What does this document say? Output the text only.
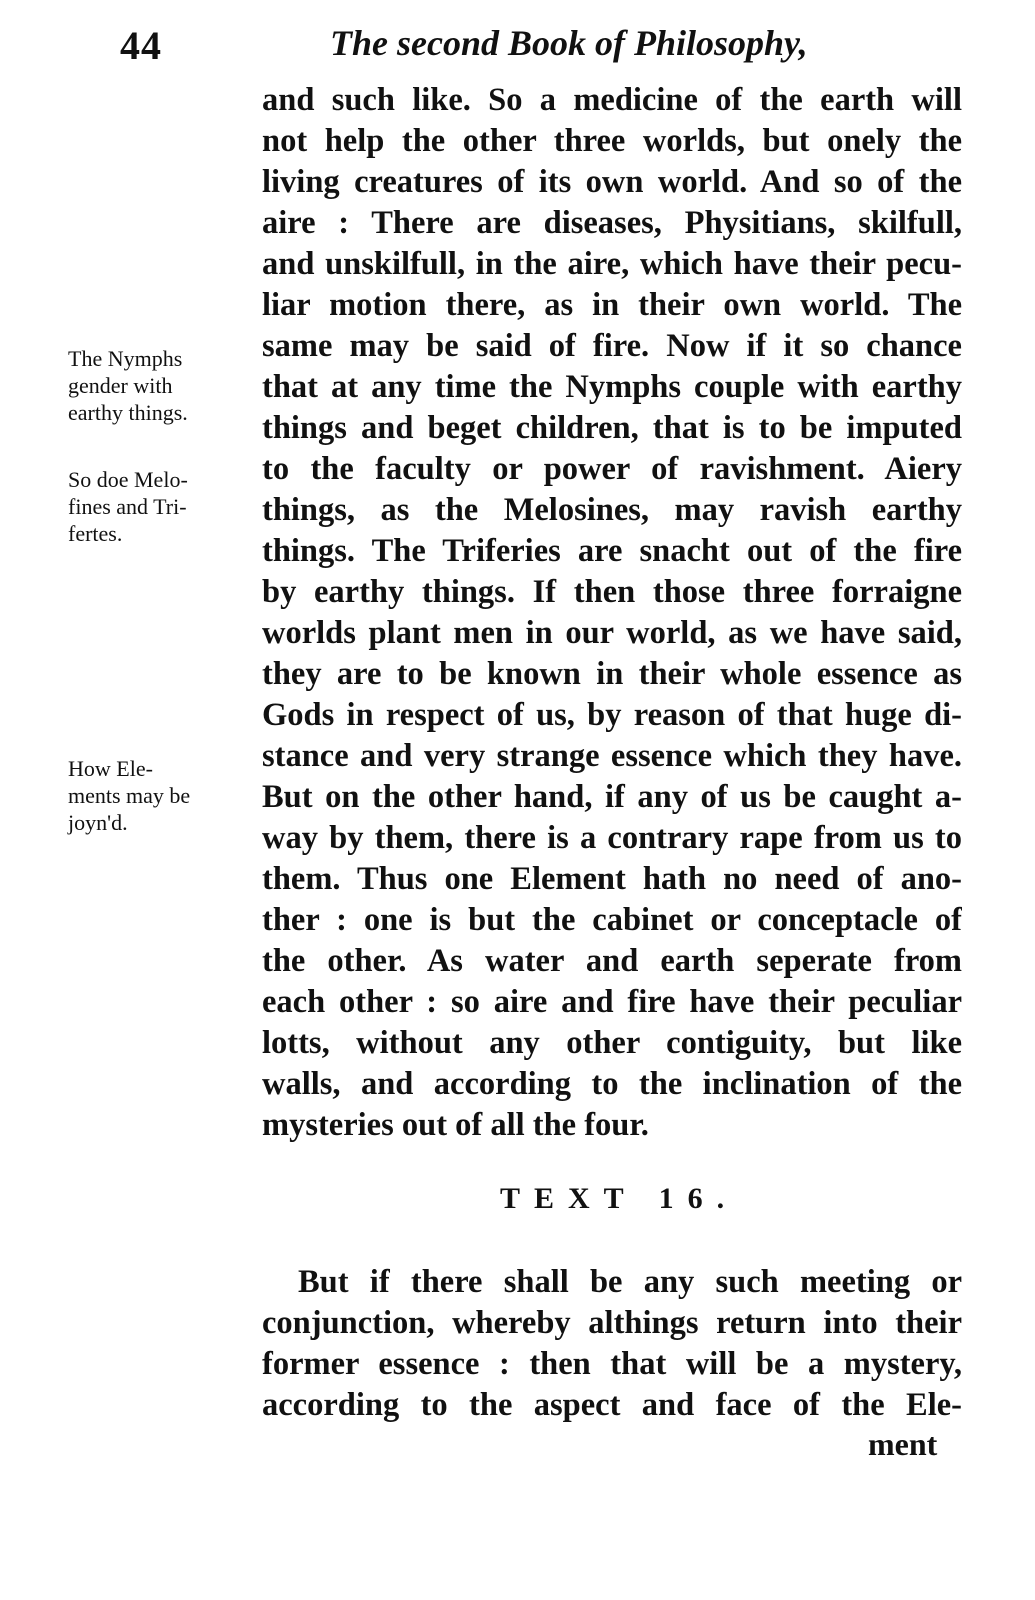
44	The second Book of Philosophy,
and such like. So a medicine of the earth will
not help the other three worlds, but onely the
living creatures of its own world. And so of the
aire : There are diseases, Physitians, skilfull,
and unskilfull, in the aire, which have their pecu-
liar motion there, as in their own world. The
same may be said of fire. Now if it so chance
that at any time the Nymphs couple with earthy
things and beget children, that is to be imputed
to the faculty or power of ravishment. Aiery
things, as the Melosines, may ravish earthy
things. The Triferies are snacht out of the fire
by earthy things. If then those three forraigne
worlds plant men in our world, as we have said,
they are to be known in their whole essence as
Gods in respect of us, by reason of that huge di-
stance and very strange essence which they have.
But on the other hand, if any of us be caught a-
way by them, there is a contrary rape from us to
them. Thus one Element hath no need of ano-
ther : one is but the cabinet or conceptacle of
the other. As water and earth seperate from
each other : so aire and fire have their peculiar
lotts, without any other contiguity, but like
walls, and according to the inclination of the
mysteries out of all the four.
The Nymphs
gender with
earthy things.
So doe Melo-
fines and Tri-
fertes.
How Ele-
ments may be
joyn'd.
TEXT 16.
But if there shall be any such meeting or
conjunction, whereby althings return into their
former essence : then that will be a mystery,
according to the aspect and face of the Ele-
ment
